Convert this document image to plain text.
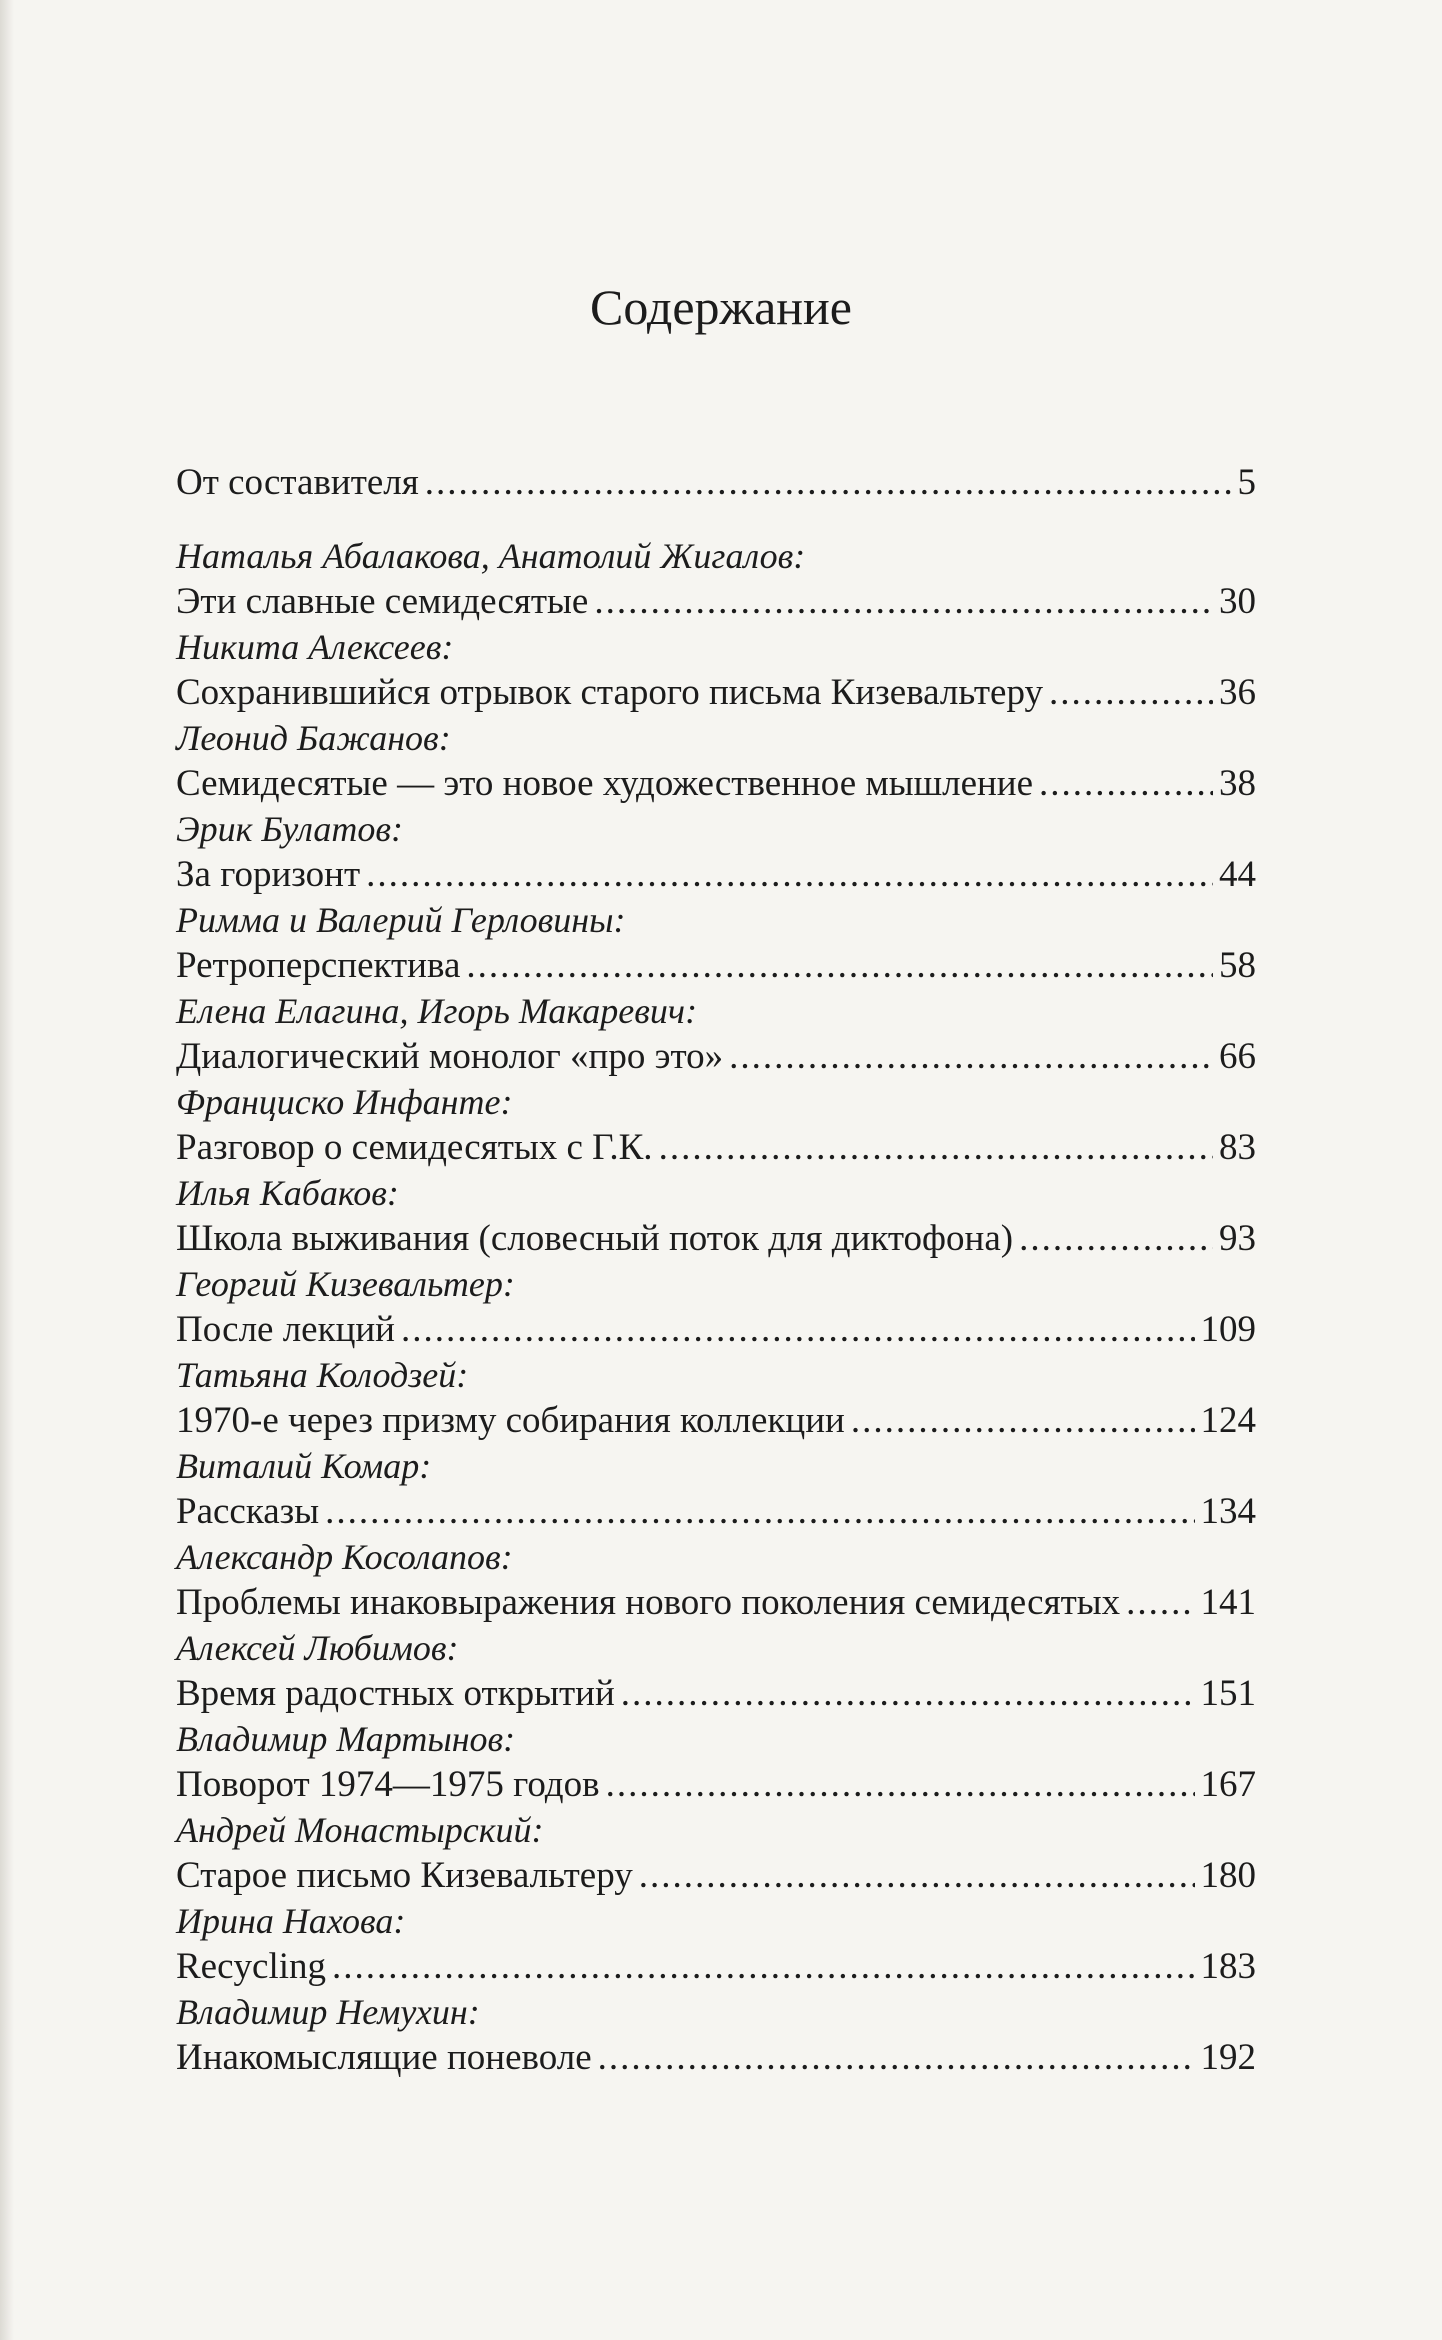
Содержание
От составителя .....	5
Наталья Абалакова, Анатолий Жигалов:
Эти славные семидесятые .....	30
Никита Алексеев:
Сохранившийся отрывок старого письма Кизевальтеру .....	36
Леонид Бажанов:
Семидесятые — это новое художественное мышление .....	38
Эрик Булатов:
За горизонт .....	44
Римма и Валерий Герловины:
Ретроперспектива .....	58
Елена Елагина, Игорь Макаревич:
Диалогический монолог «про это» .....	66
Франциско Инфанте:
Разговор о семидесятых с Г.К. .....	83
Илья Кабаков:
Школа выживания (словесный поток для диктофона) .....	93
Георгий Кизевальтер:
После лекций .....	109
Татьяна Колодзей:
1970-е через призму собирания коллекции .....	124
Виталий Комар:
Рассказы .....	134
Александр Косолапов:
Проблемы инаковыражения нового поколения семидесятых ..... 141
Алексей Любимов:
Время радостных открытий .....	151
Владимир Мартынов:
Поворот 1974—1975 годов .....	167
Андрей Монастырский:
Старое письмо Кизевальтеру .....	180
Ирина Нахова:
Recycling .....	183
Владимир Немухин:
Инакомыслящие поневоле .....	192
